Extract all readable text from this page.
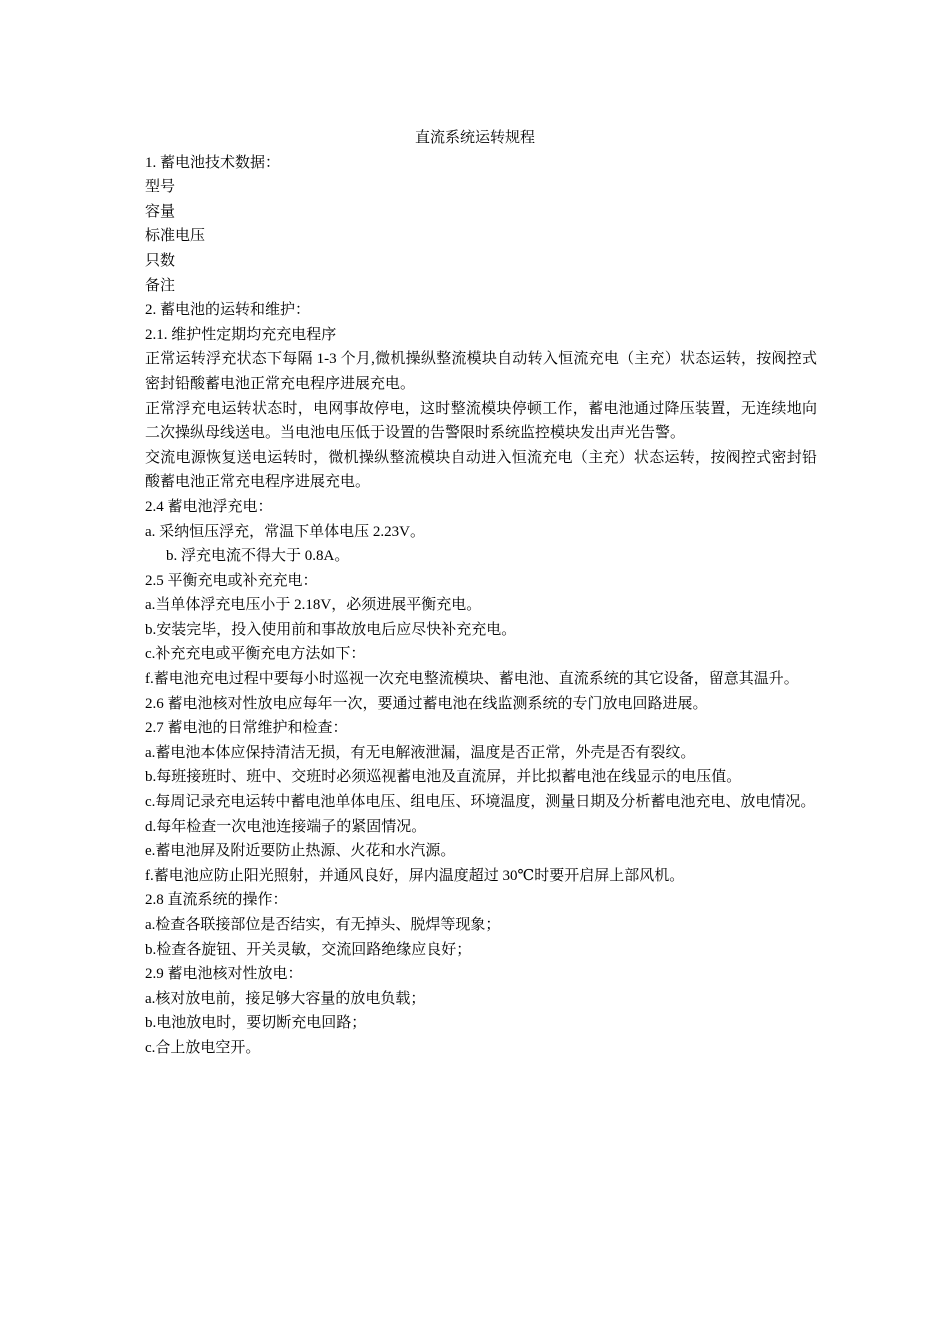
直流系统运转规程

1. 蓄电池技术数据：

型号

容量

标准电压

只数

备注

2. 蓄电池的运转和维护：

2.1. 维护性定期均充充电程序

正常运转浮充状态下每隔 1-3 个月,微机操纵整流模块自动转入恒流充电（主充）状态运转，按阀控式密封铅酸蓄电池正常充电程序进展充电。

正常浮充电运转状态时，电网事故停电，这时整流模块停顿工作，蓄电池通过降压装置，无连续地向二次操纵母线送电。当电池电压低于设置的告警限时系统监控模块发出声光告警。

交流电源恢复送电运转时，微机操纵整流模块自动进入恒流充电（主充）状态运转，按阀控式密封铅酸蓄电池正常充电程序进展充电。

2.4 蓄电池浮充电：

a. 采纳恒压浮充，常温下单体电压 2.23V。

b. 浮充电流不得大于 0.8A。

2.5 平衡充电或补充充电：

a.当单体浮充电压小于 2.18V，必须进展平衡充电。

b.安装完毕，投入使用前和事故放电后应尽快补充充电。

c.补充充电或平衡充电方法如下：

f.蓄电池充电过程中要每小时巡视一次充电整流模块、蓄电池、直流系统的其它设备，留意其温升。

2.6 蓄电池核对性放电应每年一次，要通过蓄电池在线监测系统的专门放电回路进展。

2.7 蓄电池的日常维护和检查：

a.蓄电池本体应保持清洁无损，有无电解液泄漏，温度是否正常，外壳是否有裂纹。

b.每班接班时、班中、交班时必须巡视蓄电池及直流屏，并比拟蓄电池在线显示的电压值。

c.每周记录充电运转中蓄电池单体电压、组电压、环境温度，测量日期及分析蓄电池充电、放电情况。

d.每年检查一次电池连接端子的紧固情况。

e.蓄电池屏及附近要防止热源、火花和水汽源。

f.蓄电池应防止阳光照射，并通风良好，屏内温度超过 30℃时要开启屏上部风机。

2.8 直流系统的操作：

a.检查各联接部位是否结实，有无掉头、脱焊等现象；

b.检查各旋钮、开关灵敏，交流回路绝缘应良好；

2.9 蓄电池核对性放电：

a.核对放电前，接足够大容量的放电负载；

b.电池放电时，要切断充电回路；

c.合上放电空开。
